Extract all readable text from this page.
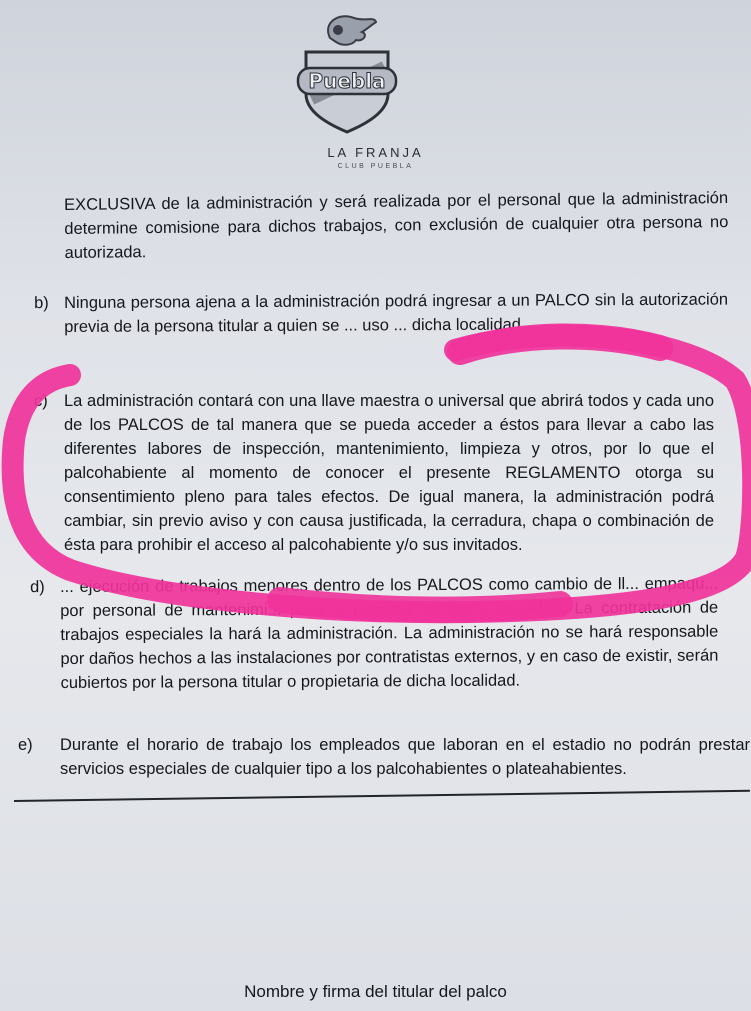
Puebla
LA FRANJA
CLUB PUEBLA
EXCLUSIVA de la administración y será realizada por el personal que la administración determine comisione para dichos trabajos, con exclusión de cualquier otra persona no autorizada.
b) Ninguna persona ajena a la administración podrá ingresar a un PALCO sin la autorización previa de la persona titular a quien se ... uso ... dicha localidad.
c) La administración contará con una llave maestra o universal que abrirá todos y cada uno de los PALCOS de tal manera que se pueda acceder a éstos para llevar a cabo las diferentes labores de inspección, mantenimiento, limpieza y otros, por lo que el palcohabiente al momento de conocer el presente REGLAMENTO otorga su consentimiento pleno para tales efectos. De igual manera, la administración podrá cambiar, sin previo aviso y con causa justificada, la cerradura, chapa o combinación de ésta para prohibir el acceso al palcohabiente y/o sus invitados.
d) ... ejecución de trabajos menores dentro de los PALCOS como cambio de ll... empaqu... por personal de mantenimi... para la persona de dicha localidad. La contratación de trabajos especiales la hará la administración. La administración no se hará responsable por daños hechos a las instalaciones por contratistas externos, y en caso de existir, serán cubiertos por la persona titular o propietaria de dicha localidad.
e) Durante el horario de trabajo los empleados que laboran en el estadio no podrán prestar servicios especiales de cualquier tipo a los palcohabientes o plateahabientes.
Nombre y firma del titular del palco
